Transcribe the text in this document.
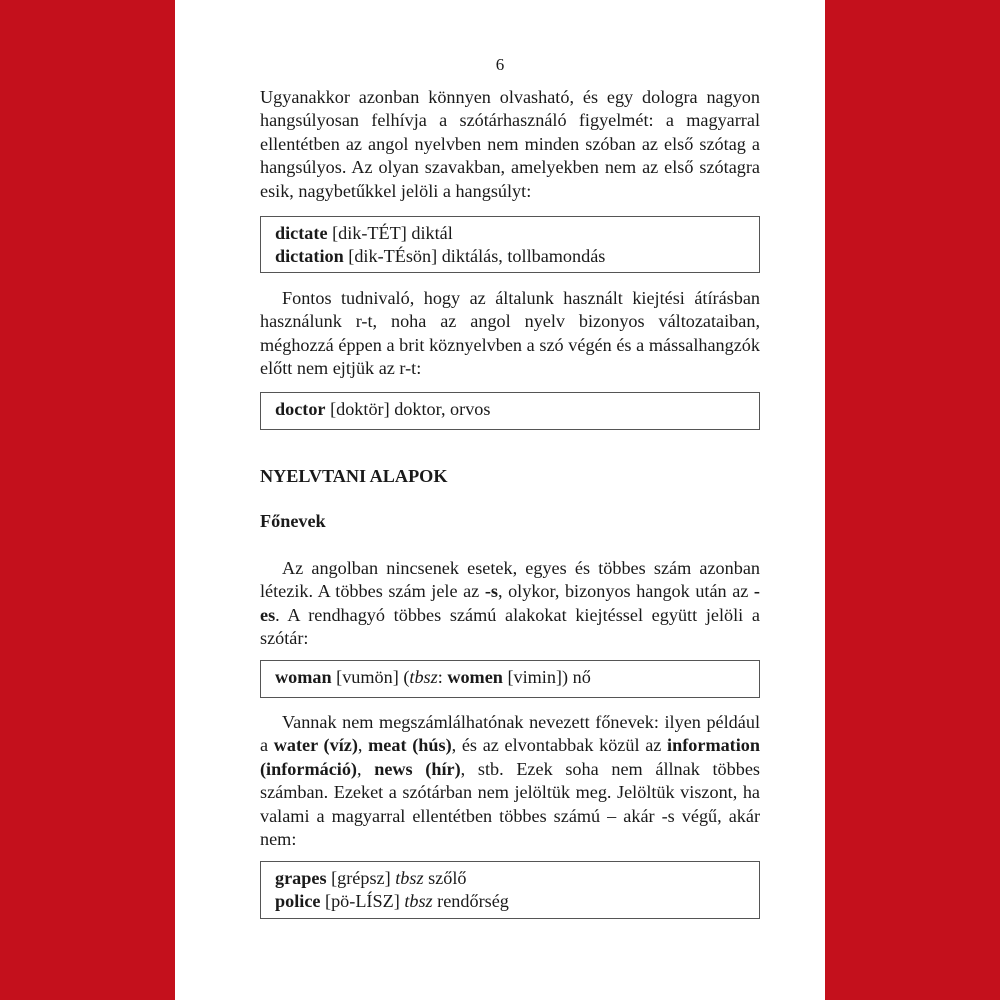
6

Ugyanakkor azonban könnyen olvasható, és egy dologra nagyon hangsúlyosan felhívja a szótárhasználó figyelmét: a magyarral ellentétben az angol nyelvben nem minden szóban az első szótag a hangsúlyos. Az olyan szavakban, amelyekben nem az első szótagra esik, nagybetűkkel jelöli a hangsúlyt:

dictate [dik-TÉT] diktál
dictation [dik-TÉsön] diktálás, tollbamondás

Fontos tudnivaló, hogy az általunk használt kiejtési átírásban használunk r-t, noha az angol nyelv bizonyos változataiban, méghozzá éppen a brit köznyelvben a szó végén és a mássalhangzók előtt nem ejtjük az r-t:

doctor [doktör] doktor, orvos
NYELVTANI ALAPOK
Főnevek

Az angolban nincsenek esetek, egyes és többes szám azonban létezik. A többes szám jele az -s, olykor, bizonyos hangok után az -es. A rendhagyó többes számú alakokat kiejtéssel együtt jelöli a szótár:

woman [vumön] (tbsz: women [vimin]) nő

Vannak nem megszámlálhatónak nevezett főnevek: ilyen például a water (víz), meat (hús), és az elvontabbak közül az information (információ), news (hír), stb. Ezek soha nem állnak többes számban. Ezeket a szótárban nem jelöltük meg. Jelöltük viszont, ha valami a magyarral ellentétben többes számú – akár -s végű, akár nem:

grapes [grépsz] tbsz szőlő
police [pö-LÍSZ] tbsz rendőrség
